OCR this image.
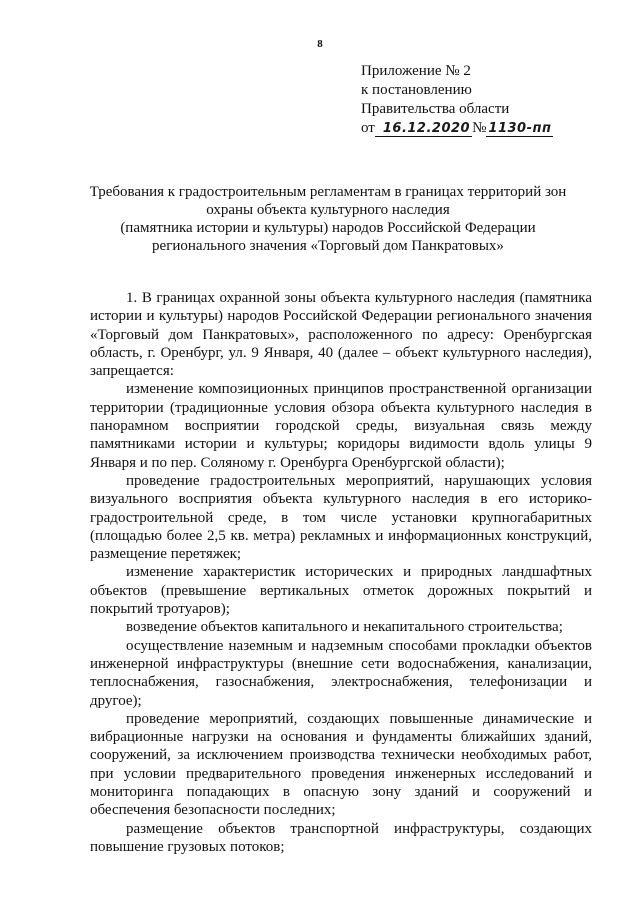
8
Приложение № 2
к постановлению
Правительства области
от 16.12.2020 № 1130-пп
Требования к градостроительным регламентам в границах территорий зон
охраны объекта культурного наследия
(памятника истории и культуры) народов Российской Федерации
регионального значения «Торговый дом Панкратовых»

1. В границах охранной зоны объекта культурного наследия (памятника истории и культуры) народов Российской Федерации регионального значения «Торговый дом Панкратовых», расположенного по адресу: Оренбургская область, г. Оренбург, ул. 9 Января, 40 (далее – объект культурного наследия), запрещается:

изменение композиционных принципов пространственной организации территории (традиционные условия обзора объекта культурного наследия в панорамном восприятии городской среды, визуальная связь между памятниками истории и культуры; коридоры видимости вдоль улицы 9 Января и по пер. Соляному г. Оренбурга Оренбургской области);

проведение градостроительных мероприятий, нарушающих условия визуального восприятия объекта культурного наследия в его историко-градостроительной среде, в том числе установки крупногабаритных (площадью более 2,5 кв. метра) рекламных и информационных конструкций, размещение перетяжек;

изменение характеристик исторических и природных ландшафтных объектов (превышение вертикальных отметок дорожных покрытий и покрытий тротуаров);

возведение объектов капитального и некапитального строительства;

осуществление наземным и надземным способами прокладки объектов инженерной инфраструктуры (внешние сети водоснабжения, канализации, теплоснабжения, газоснабжения, электроснабжения, телефонизации и другое);

проведение мероприятий, создающих повышенные динамические и вибрационные нагрузки на основания и фундаменты ближайших зданий, сооружений, за исключением производства технически необходимых работ, при условии предварительного проведения инженерных исследований и мониторинга попадающих в опасную зону зданий и сооружений и обеспечения безопасности последних;

размещение объектов транспортной инфраструктуры, создающих повышение грузовых потоков;
